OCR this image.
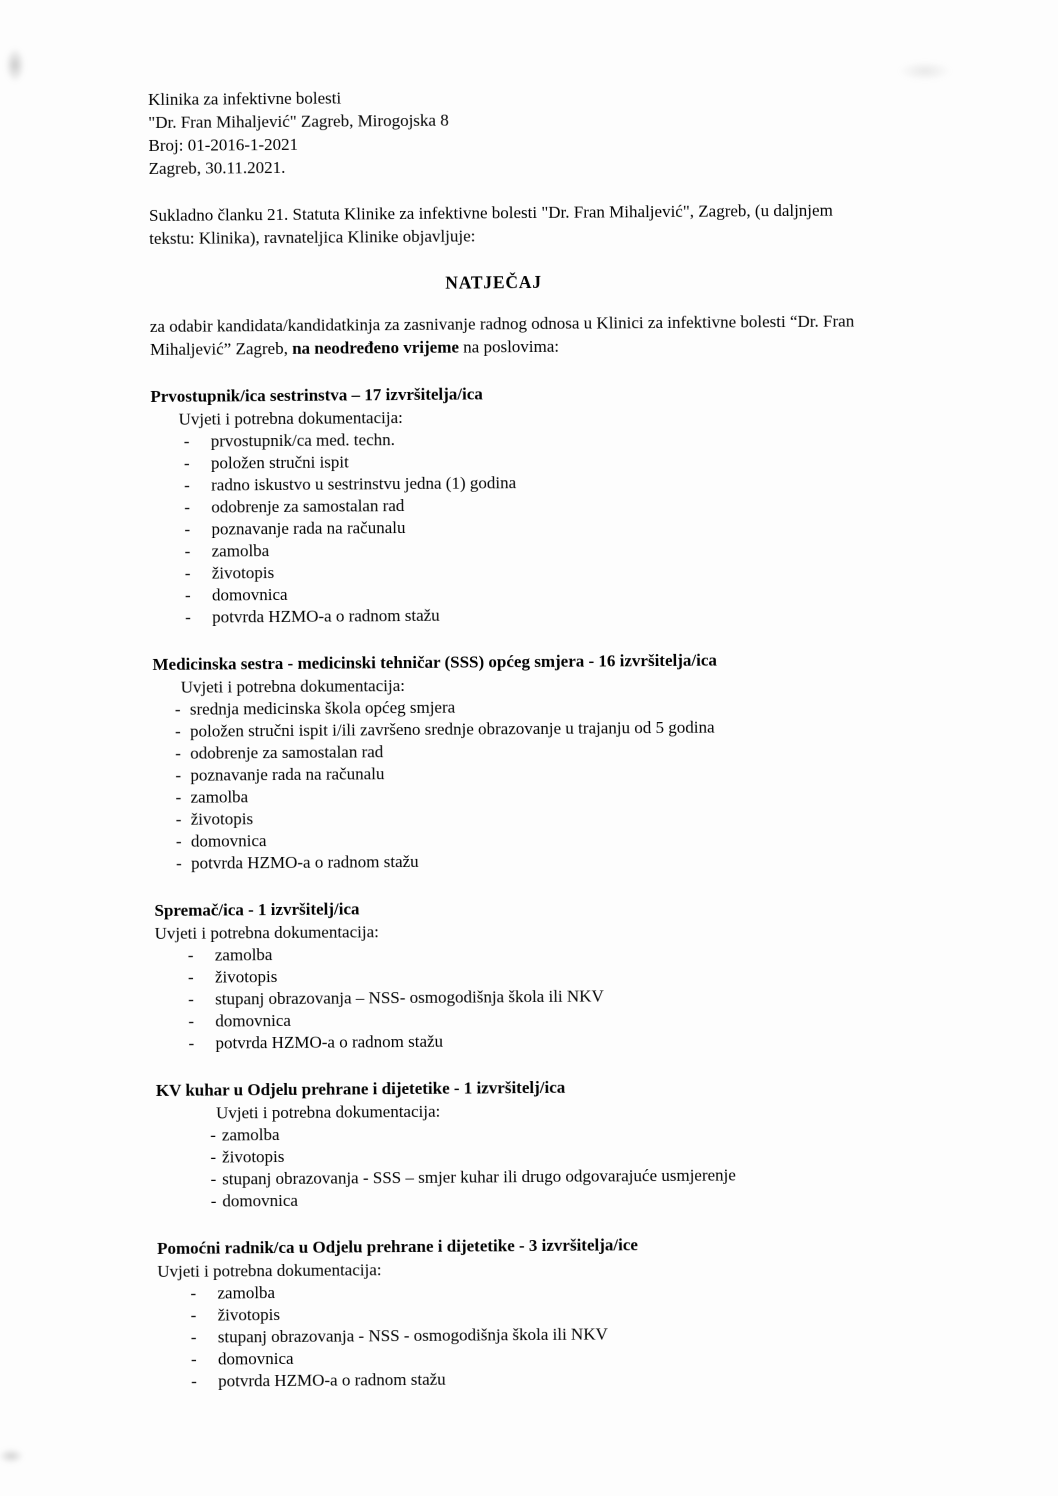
Klinika za infektivne bolesti
"Dr. Fran Mihaljević" Zagreb, Mirogojska 8
Broj: 01-2016-1-2021
Zagreb, 30.11.2021.

Sukladno članku 21. Statuta Klinike za infektivne bolesti "Dr. Fran Mihaljević", Zagreb, (u daljnjem
tekstu: Klinika), ravnateljica Klinike objavljuje:

NATJEČAJ

za odabir kandidata/kandidatkinja za zasnivanje radnog odnosa u Klinici za infektivne bolesti “Dr. Fran
Mihaljević” Zagreb, na neodređeno vrijeme na poslovima:

Prvostupnik/ica sestrinstva – 17 izvršitelja/ica

Uvjeti i potrebna dokumentacija:

-	prvostupnik/ca med. techn.
-	položen stručni ispit
-	radno iskustvo u sestrinstvu jedna (1) godina
-	odobrenje za samostalan rad
-	poznavanje rada na računalu
-	zamolba
-	životopis
-	domovnica
-	potvrda HZMO-a o radnom stažu
Medicinska sestra - medicinski tehničar (SSS) općeg smjera - 16 izvršitelja/ica

Uvjeti i potrebna dokumentacija:

- srednja medicinska škola općeg smjera
- položen stručni ispit i/ili završeno srednje obrazovanje u trajanju od 5 godina
- odobrenje za samostalan rad
- poznavanje rada na računalu
- zamolba
- životopis
- domovnica
- potvrda HZMO-a o radnom stažu
Spremač/ica - 1 izvršitelj/ica

Uvjeti i potrebna dokumentacija:

-	zamolba
-	životopis
-	stupanj obrazovanja – NSS- osmogodišnja škola ili NKV
-	domovnica
-	potvrda HZMO-a o radnom stažu
KV kuhar u Odjelu prehrane i dijetetike - 1 izvršitelj/ica

Uvjeti i potrebna dokumentacija:

- zamolba
- životopis
- stupanj obrazovanja - SSS – smjer kuhar ili drugo odgovarajuće usmjerenje
- domovnica
Pomoćni radnik/ca u Odjelu prehrane i dijetetike - 3 izvršitelja/ice

Uvjeti i potrebna dokumentacija:

-	zamolba
-	životopis
-	stupanj obrazovanja - NSS - osmogodišnja škola ili NKV
-	domovnica
-	potvrda HZMO-a o radnom stažu
